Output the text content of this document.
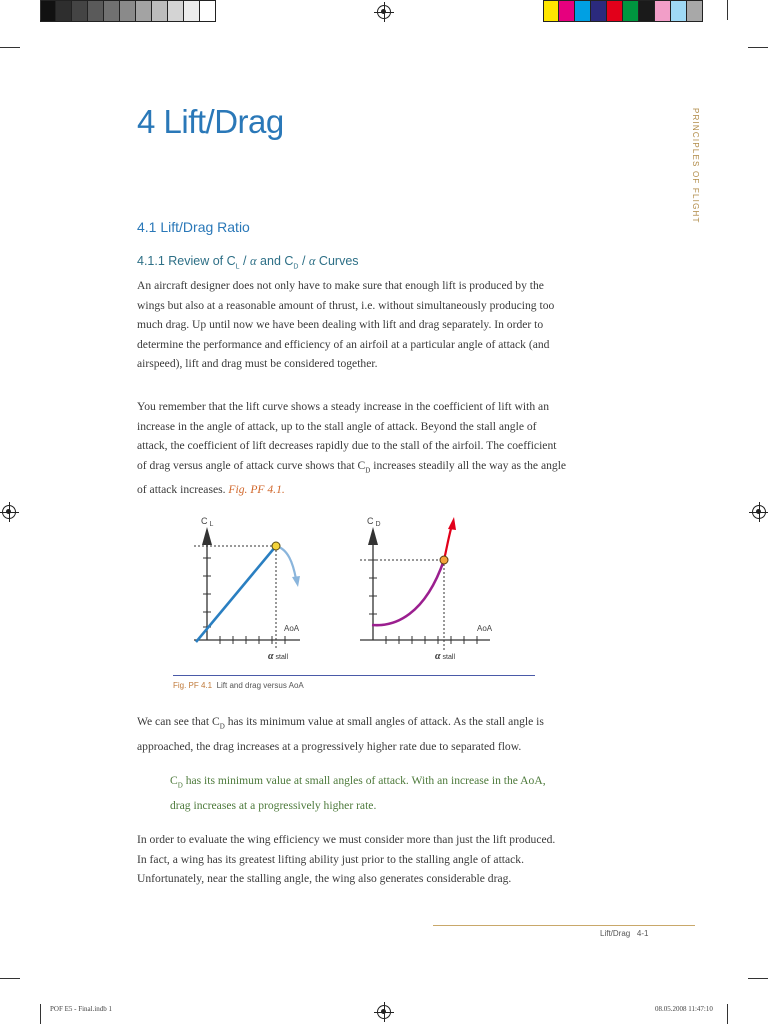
4 Lift/Drag	PRINCIPLES OF FLIGHT
4.1 Lift/Drag Ratio
4.1.1 Review of $C_L$ / α and $C_D$ / α Curves

An aircraft designer does not only have to make sure that enough lift is produced by the wings but also at a reasonable amount of thrust, i.e. without simultaneously producing too much drag. Up until now we have been dealing with lift and drag separately. In order to determine the performance and efficiency of an airfoil at a particular angle of attack (and airspeed), lift and drag must be considered together.

You remember that the lift curve shows a steady increase in the coefficient of lift with an increase in the angle of attack, up to the stall angle of attack. Beyond the stall angle of attack, the coefficient of lift decreases rapidly due to the stall of the airfoil. The coefficient of drag versus angle of attack curve shows that $C_D$ increases steadily all the way as the angle of attack increases. Fig. PF 4.1.

C $_L$
AoA
α stall
C $_D$
AoA
α stall
Fig. PF 4.1 Lift and drag versus AoA

We can see that $C_D$ has its minimum value at small angles of attack. As the stall angle is approached, the drag increases at a progressively higher rate due to separated flow.

$C_D$ has its minimum value at small angles of attack. With an increase in the AoA, drag increases at a progressively higher rate.

In order to evaluate the wing efficiency we must consider more than just the lift produced. In fact, a wing has its greatest lifting ability just prior to the stalling angle of attack. Unfortunately, near the stalling angle, the wing also generates considerable drag.

Lift/Drag 4-1
POF E5 - Final.indb 1	08.05.2008 11:47:10
